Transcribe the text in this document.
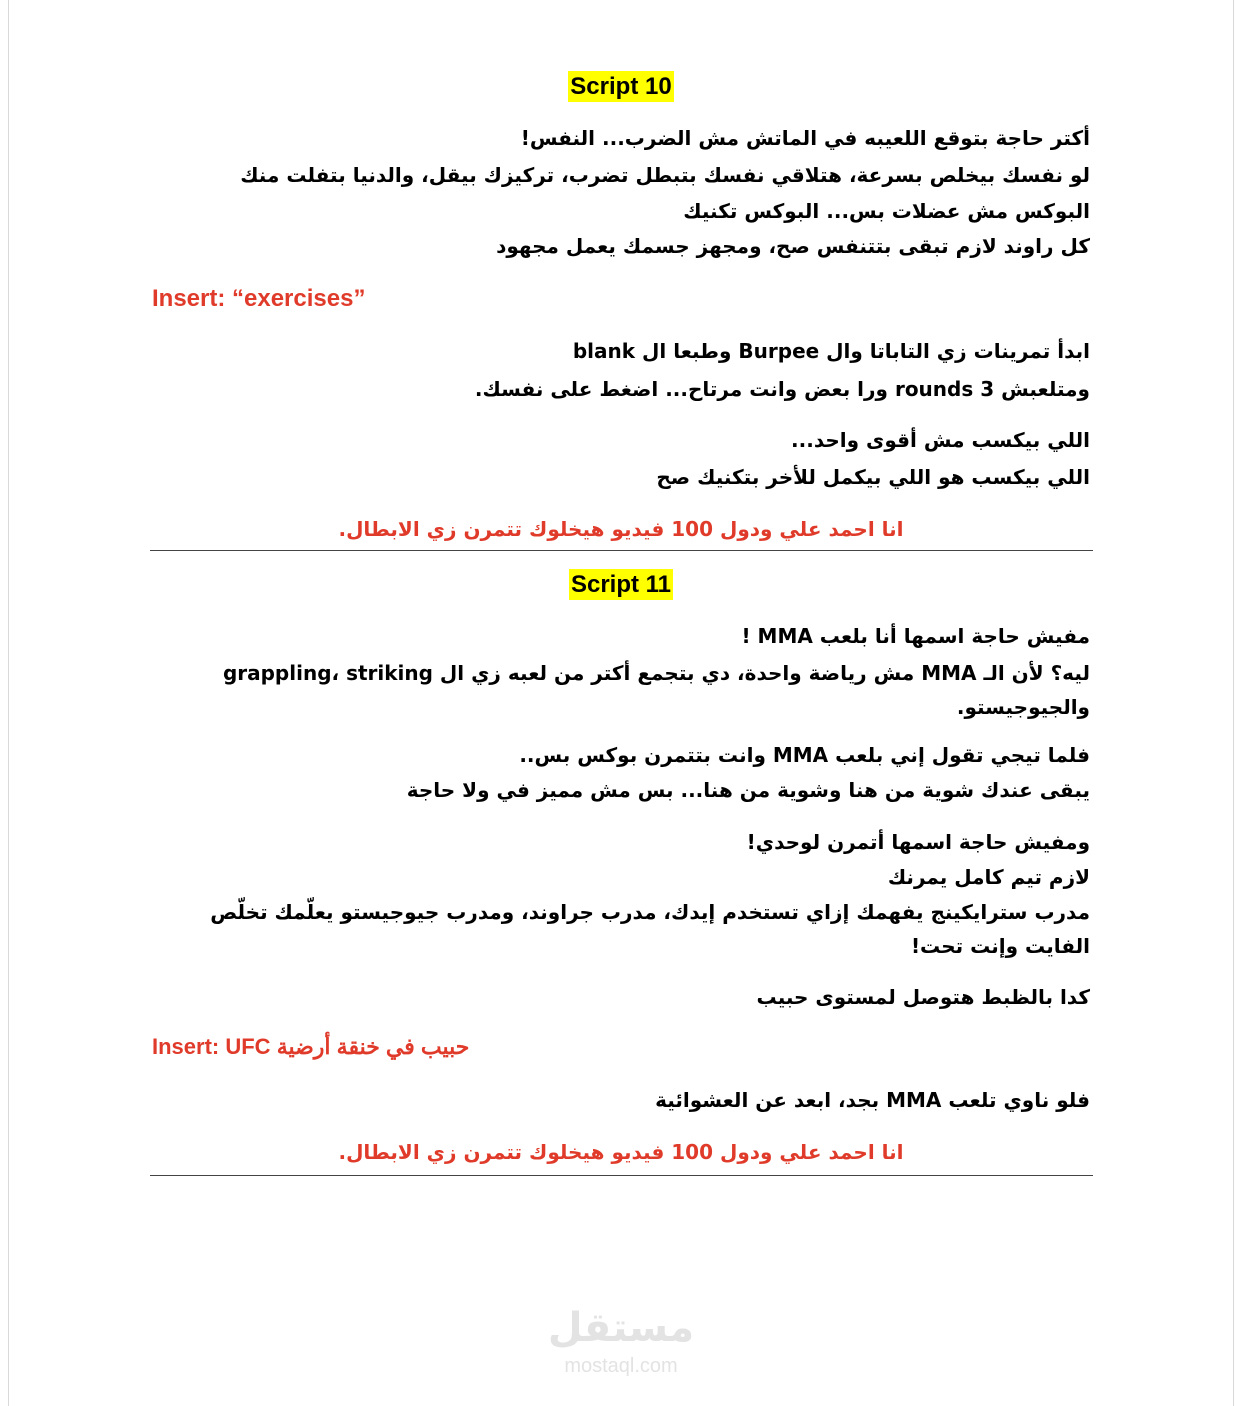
Script 10
أكتر حاجة بتوقع اللعيبه في الماتش مش الضرب... النفس!
لو نفسك بيخلص بسرعة، هتلاقي نفسك بتبطل تضرب، تركيزك بيقل، والدنيا بتفلت منك
البوكس مش عضلات بس... البوكس تكنيك
كل راوند لازم تبقى بتتنفس صح، ومجهز جسمك يعمل مجهود
Insert: “exercises”
ابدأ تمرينات زي التاباتا وال Burpee وطبعا ال blank
ومتلعبش 3 rounds ورا بعض وانت مرتاح... اضغط على نفسك.
اللي بيكسب مش أقوى واحد...
اللي بيكسب هو اللي بيكمل للأخر بتكنيك صح
انا احمد علي ودول 100 فيديو هيخلوك تتمرن زي الابطال.
Script 11
مفيش حاجة اسمها أنا بلعب MMA !
ليه؟ لأن الـ MMA مش رياضة واحدة، دي بتجمع أكتر من لعبه زي ال grappling، striking والجيوجيستو.
فلما تيجي تقول إني بلعب MMA وانت بتتمرن بوكس بس..
يبقى عندك شوية من هنا وشوية من هنا... بس مش مميز في ولا حاجة
ومفيش حاجة اسمها أتمرن لوحدي!
لازم تيم كامل يمرنك
مدرب سترايكينج يفهمك إزاي تستخدم إيدك، مدرب جراوند، ومدرب جيوجيستو يعلّمك تخلّص الفايت وإنت تحت!
كدا بالظبط هتوصل لمستوى حبيب
Insert: UFC حبيب في خنقة أرضية
فلو ناوي تلعب MMA بجد، ابعد عن العشوائية
انا احمد علي ودول 100 فيديو هيخلوك تتمرن زي الابطال.
مستقل
mostaql.com
